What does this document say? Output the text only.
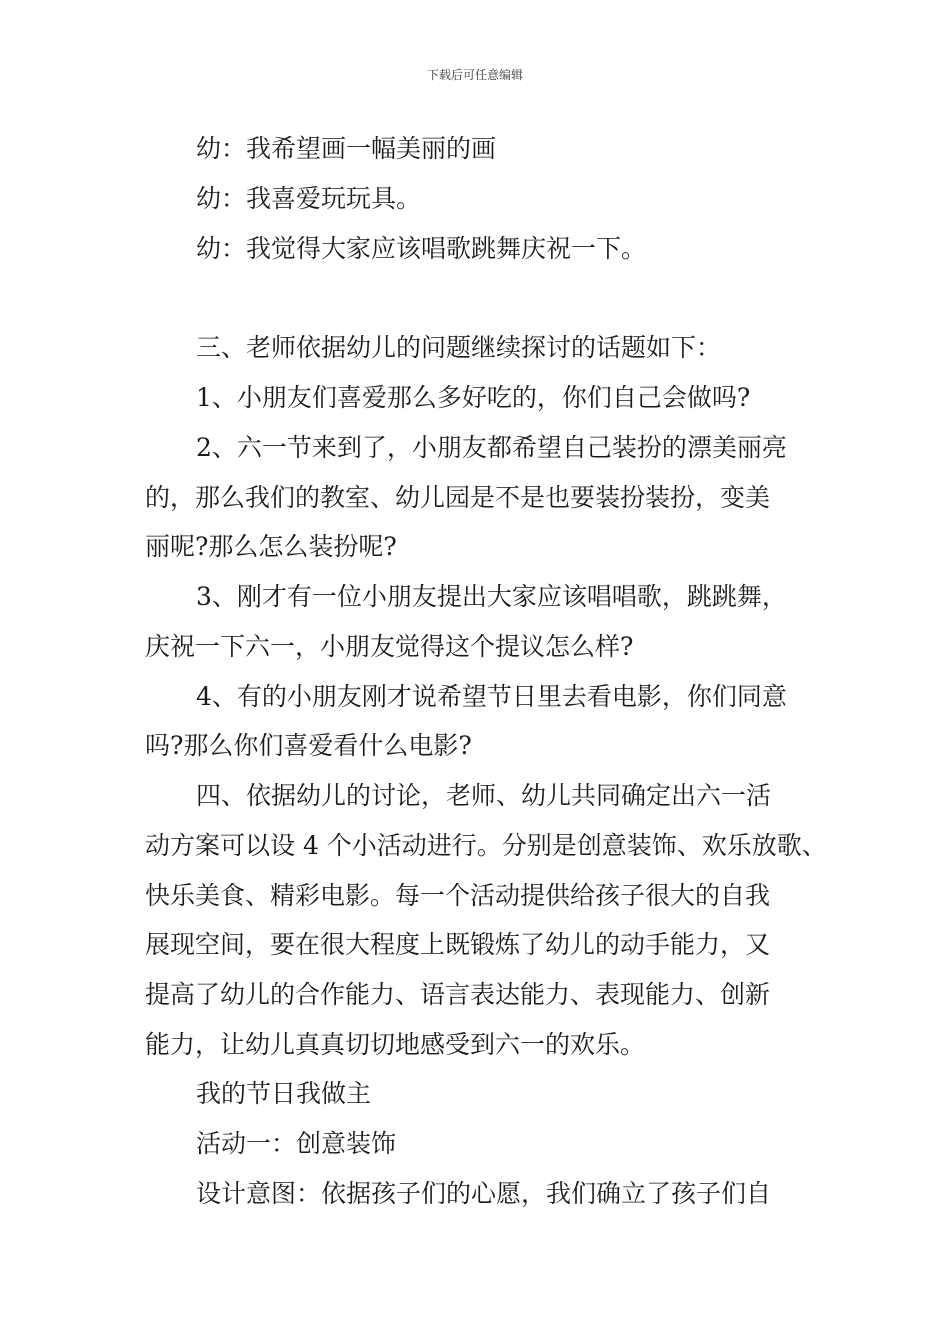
下载后可任意编辑
幼：我希望画一幅美丽的画
幼：我喜爱玩玩具。
幼：我觉得大家应该唱歌跳舞庆祝一下。
三、老师依据幼儿的问题继续探讨的话题如下：
1、小朋友们喜爱那么多好吃的，你们自己会做吗?
2、六一节来到了，小朋友都希望自己装扮的漂美丽亮
的，那么我们的教室、幼儿园是不是也要装扮装扮，变美
丽呢?那么怎么装扮呢?
3、刚才有一位小朋友提出大家应该唱唱歌，跳跳舞，
庆祝一下六一，小朋友觉得这个提议怎么样?
4、有的小朋友刚才说希望节日里去看电影，你们同意
吗?那么你们喜爱看什么电影?
四、依据幼儿的讨论，老师、幼儿共同确定出六一活
动方案可以设 4 个小活动进行。分别是创意装饰、欢乐放歌、
快乐美食、精彩电影。每一个活动提供给孩子很大的自我
展现空间，要在很大程度上既锻炼了幼儿的动手能力，又
提高了幼儿的合作能力、语言表达能力、表现能力、创新
能力，让幼儿真真切切地感受到六一的欢乐。
我的节日我做主
活动一：创意装饰
设计意图：依据孩子们的心愿，我们确立了孩子们自
